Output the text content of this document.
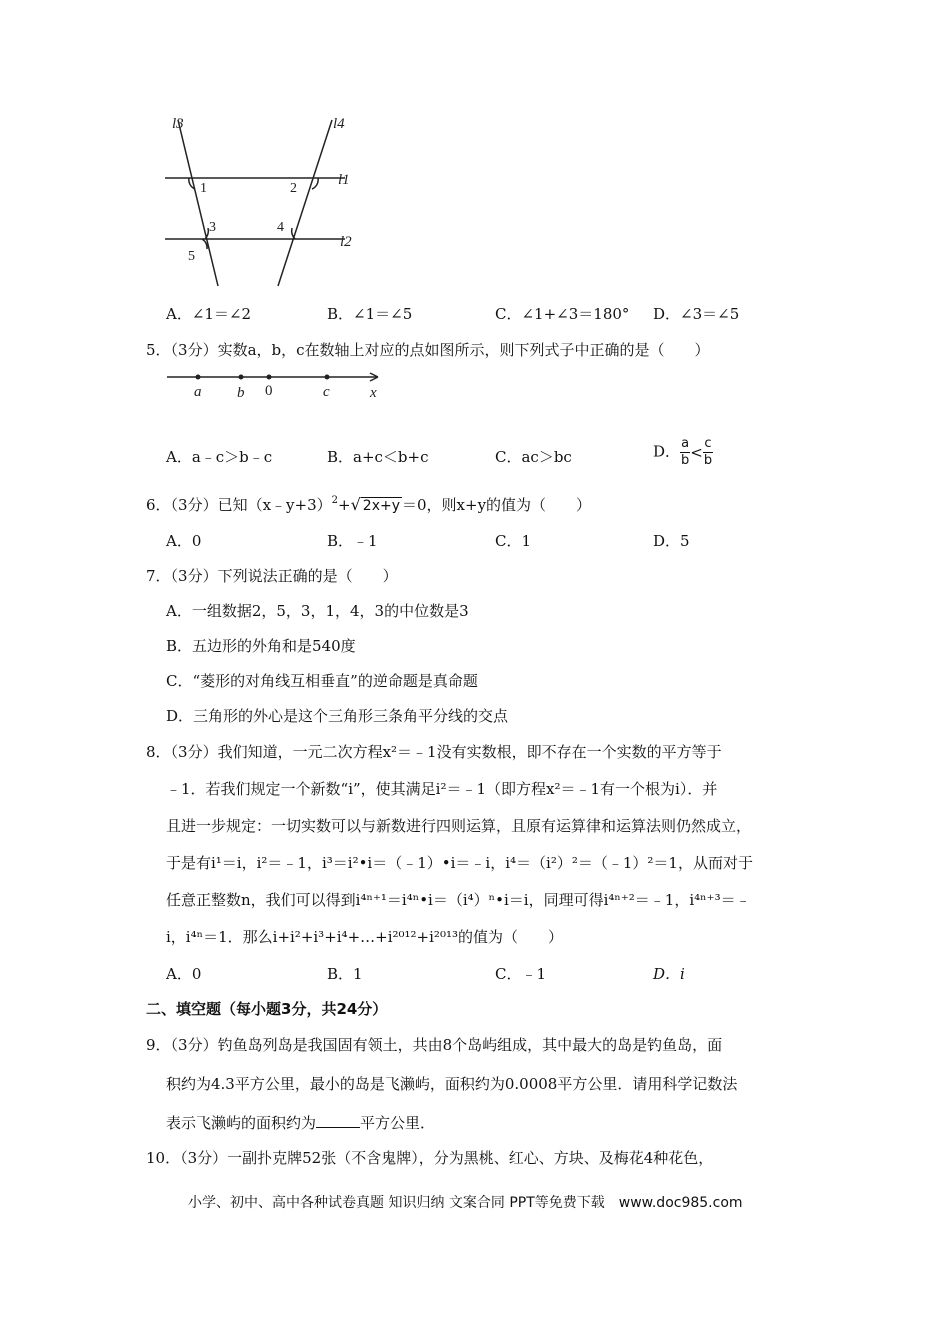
l3	l4
l1
l2
1	2
3	4
5
A．∠1＝∠2	B．∠1＝∠5	C．∠1+∠3＝180° D．∠3＝∠5
5．（3分）实数a，b，c在数轴上对应的点如图所示，则下列式子中正确的是（　　）
a b 0	c	x
A．a﹣c＞b﹣c	B．a+c＜b+c	C．ac＞bc	D． $\frac{a}{b} < \frac{c}{b}$
6．（3分）已知（x﹣y+3）$^2$+√ 2x+y ＝0，则x+y的值为（　　）
A．0	B．﹣1	C．1	D．5
7．（3分）下列说法正确的是（　　）
A．一组数据2，5，3，1，4，3的中位数是3
B．五边形的外角和是540度
C．“菱形的对角线互相垂直”的逆命题是真命题
D．三角形的外心是这个三角形三条角平分线的交点
8．（3分）我们知道，一元二次方程x²＝﹣1没有实数根，即不存在一个实数的平方等于
﹣1．若我们规定一个新数“i”，使其满足i²＝﹣1（即方程x²＝﹣1有一个根为i）．并
且进一步规定：一切实数可以与新数进行四则运算，且原有运算律和运算法则仍然成立，
于是有i¹＝i，i²＝﹣1，i³＝i²•i＝（﹣1）•i＝﹣i，i⁴＝（i²）²＝（﹣1）²＝1，从而对于
任意正整数n，我们可以得到i⁴ⁿ⁺¹＝i⁴ⁿ•i＝（i⁴）ⁿ•i＝i，同理可得i⁴ⁿ⁺²＝﹣1，i⁴ⁿ⁺³＝﹣
i，i⁴ⁿ＝1．那么i+i²+i³+i⁴+…+i²⁰¹²+i²⁰¹³的值为（　　）
A．0	B．1	C．﹣1	D．i
二、填空题（每小题3分，共24分）
9．（3分）钓鱼岛列岛是我国固有领土，共由8个岛屿组成，其中最大的岛是钓鱼岛，面
积约为4.3平方公里，最小的岛是飞濑屿，面积约为0.0008平方公里．请用科学记数法
表示飞濑屿的面积约为	平方公里．
10．（3分）一副扑克牌52张（不含鬼牌），分为黑桃、红心、方块、及梅花4种花色，
小学、初中、高中各种试卷真题 知识归纳 文案合同 PPT等免费下载　www.doc985.com
